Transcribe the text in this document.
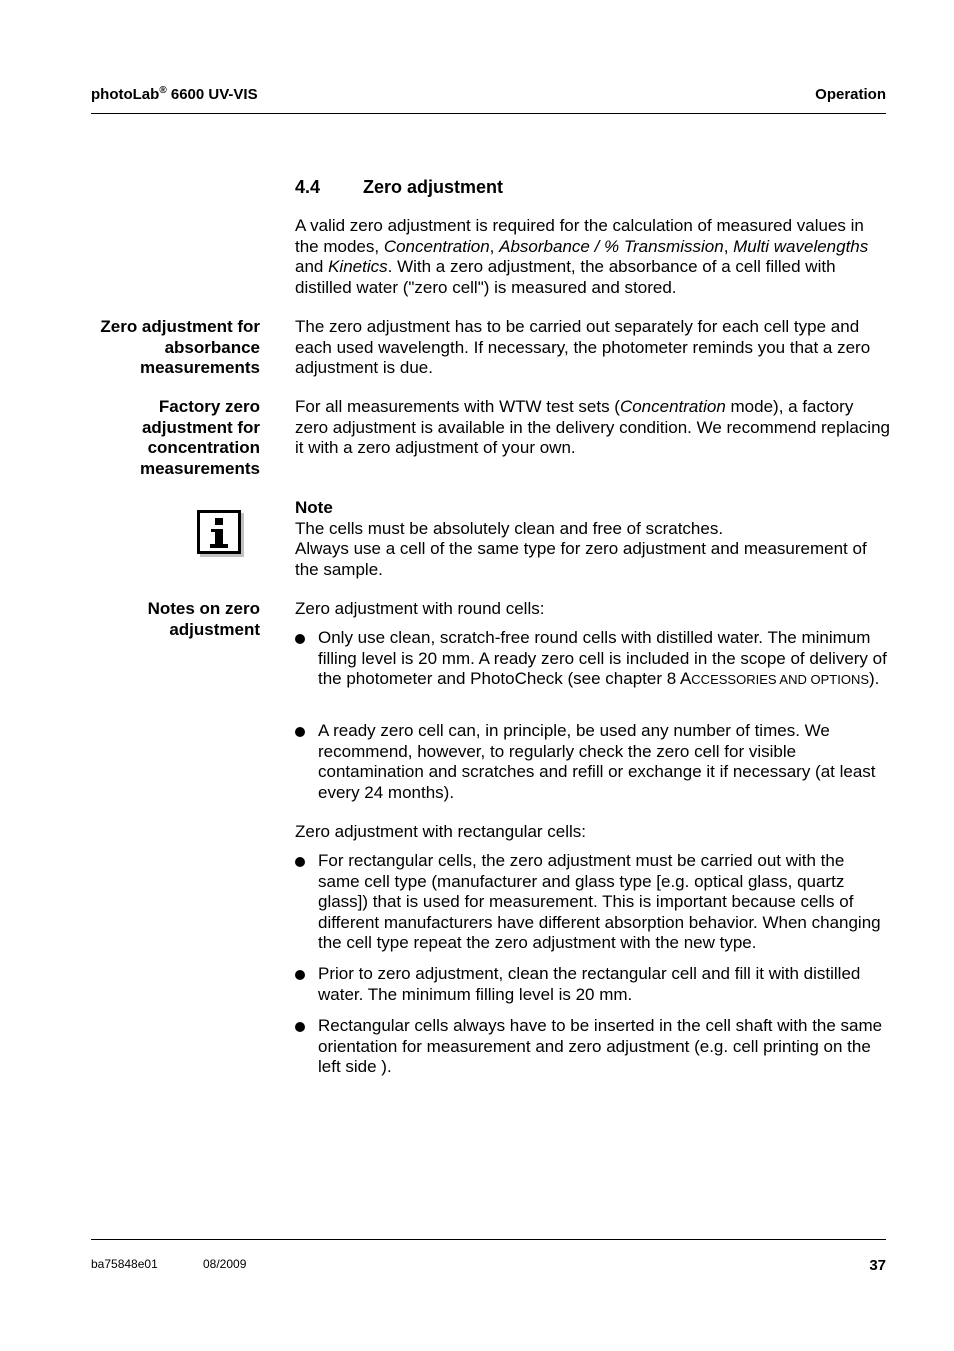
photoLab® 6600 UV-VIS	Operation
4.4 Zero adjustment

A valid zero adjustment is required for the calculation of measured values in the modes, Concentration, Absorbance / % Transmission, Multi wavelengths and Kinetics. With a zero adjustment, the absorbance of a cell filled with distilled water ("zero cell") is measured and stored.

Zero adjustment for
absorbance
measurements

The zero adjustment has to be carried out separately for each cell type and each used wavelength. If necessary, the photometer reminds you that a zero adjustment is due.

Factory zero
adjustment for
concentration
measurements

For all measurements with WTW test sets (Concentration mode), a factory zero adjustment is available in the delivery condition. We recommend replacing it with a zero adjustment of your own.

Note

The cells must be absolutely clean and free of scratches.

Always use a cell of the same type for zero adjustment and measurement of the sample.

Notes on zero
adjustment

Zero adjustment with round cells:

Only use clean, scratch-free round cells with distilled water. The minimum filling level is 20 mm. A ready zero cell is included in the scope of delivery of the photometer and PhotoCheck (see chapter 8 ACCESSORIES AND OPTIONS).
A ready zero cell can, in principle, be used any number of times. We recommend, however, to regularly check the zero cell for visible contamination and scratches and refill or exchange it if necessary (at least every 24 months).

Zero adjustment with rectangular cells:

For rectangular cells, the zero adjustment must be carried out with the same cell type (manufacturer and glass type [e.g. optical glass, quartz glass]) that is used for measurement. This is important because cells of different manufacturers have different absorption behavior. When changing the cell type repeat the zero adjustment with the new type.
Prior to zero adjustment, clean the rectangular cell and fill it with distilled water. The minimum filling level is 20 mm.
Rectangular cells always have to be inserted in the cell shaft with the same orientation for measurement and zero adjustment (e.g. cell printing on the left side ).
ba75848e01	08/2009	37
